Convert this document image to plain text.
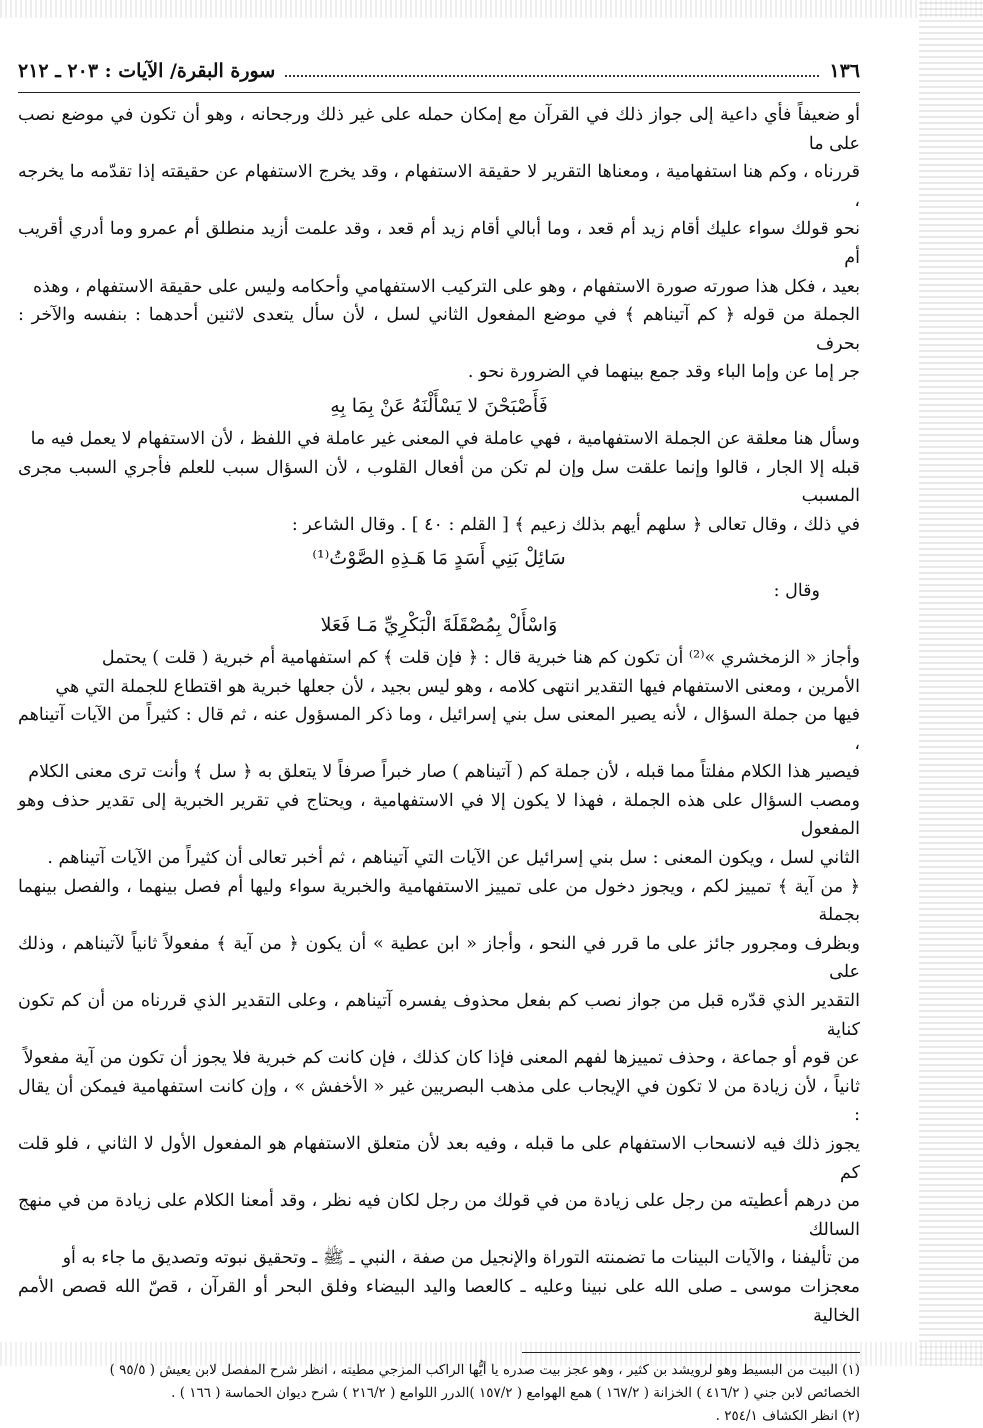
١٣٦
سورة البقرة/ الآيات : ٢٠٣ ـ ٢١٢

أو ضعيفاً فأي داعية إلى جواز ذلك في القرآن مع إمكان حمله على غير ذلك ورجحانه ، وهو أن تكون في موضع نصب على ما

قررناه ، وكم هنا استفهامية ، ومعناها التقرير لا حقيقة الاستفهام ، وقد يخرج الاستفهام عن حقيقته إذا تقدّمه ما يخرجه ،

نحو قولك سواء عليك أقام زيد أم قعد ، وما أبالي أقام زيد أم قعد ، وقد علمت أزيد منطلق أم عمرو وما أدري أقريب أم

بعيد ، فكل هذا صورته صورة الاستفهام ، وهو على التركيب الاستفهامي وأحكامه وليس على حقيقة الاستفهام ، وهذه

الجملة من قوله ﴿ كم آتيناهم ﴾ في موضع المفعول الثاني لسل ، لأن سأل يتعدى لاثنين أحدهما : بنفسه والآخر : بحرف

جر إما عن وإما الباء وقد جمع بينهما في الضرورة نحو .

فَأَصْبَحْنَ لا يَسْأَلْنَهُ عَنْ بِمَا بِهِ

وسأل هنا معلقة عن الجملة الاستفهامية ، فهي عاملة في المعنى غير عاملة في اللفظ ، لأن الاستفهام لا يعمل فيه ما

قبله إلا الجار ، قالوا وإنما علقت سل وإن لم تكن من أفعال القلوب ، لأن السؤال سبب للعلم فأجري السبب مجرى المسبب

في ذلك ، وقال تعالى ﴿ سلهم أيهم بذلك زعيم ﴾ [ القلم : ٤٠ ] . وقال الشاعر :

سَائِلْ بَنِي أَسَدٍ مَا هَـذِهِ الصَّوْتُ⁽¹⁾

وقال :

وَاسْأَلْ بِمُصْقَلَةَ الْبَكْرِيِّ مَـا فَعَلا

وأجاز « الزمخشري »⁽²⁾ أن تكون كم هنا خبرية قال : ﴿ فإن قلت ﴾ كم استفهامية أم خبرية ( قلت ) يحتمل

الأمرين ، ومعنى الاستفهام فيها التقدير انتهى كلامه ، وهو ليس بجيد ، لأن جعلها خبرية هو اقتطاع للجملة التي هي

فيها من جملة السؤال ، لأنه يصير المعنى سل بني إسرائيل ، وما ذكر المسؤول عنه ، ثم قال : كثيراً من الآيات آتيناهم ،

فيصير هذا الكلام مفلتاً مما قبله ، لأن جملة كم ( آتيناهم ) صار خبراً صرفاً لا يتعلق به ﴿ سل ﴾ وأنت ترى معنى الكلام

ومصب السؤال على هذه الجملة ، فهذا لا يكون إلا في الاستفهامية ، ويحتاج في تقرير الخبرية إلى تقدير حذف وهو المفعول

الثاني لسل ، ويكون المعنى : سل بني إسرائيل عن الآيات التي آتيناهم ، ثم أخبر تعالى أن كثيراً من الآيات آتيناهم .

﴿ من آية ﴾ تمييز لكم ، ويجوز دخول من على تمييز الاستفهامية والخبرية سواء وليها أم فصل بينهما ، والفصل بينهما بجملة

وبظرف ومجرور جائز على ما قرر في النحو ، وأجاز « ابن عطية » أن يكون ﴿ من آية ﴾ مفعولاً ثانياً لآتيناهم ، وذلك على

التقدير الذي قدّره قبل من جواز نصب كم بفعل محذوف يفسره آتيناهم ، وعلى التقدير الذي قررناه من أن كم تكون كناية

عن قوم أو جماعة ، وحذف تمييزها لفهم المعنى فإذا كان كذلك ، فإن كانت كم خبرية فلا يجوز أن تكون من آية مفعولاً

ثانياً ، لأن زيادة من لا تكون في الإيجاب على مذهب البصريين غير « الأخفش » ، وإن كانت استفهامية فيمكن أن يقال :

يجوز ذلك فيه لانسحاب الاستفهام على ما قبله ، وفيه بعد لأن متعلق الاستفهام هو المفعول الأول لا الثاني ، فلو قلت كم

من درهم أعطيته من رجل على زيادة من في قولك من رجل لكان فيه نظر ، وقد أمعنا الكلام على زيادة من في منهج السالك

من تأليفنا ، والآيات البينات ما تضمنته التوراة والإنجيل من صفة ، النبي ـ ﷺ ـ وتحقيق نبوته وتصديق ما جاء به أو

معجزات موسى ـ صلى الله على نبينا وعليه ـ كالعصا واليد البيضاء وفلق البحر أو القرآن ، قصّ الله قصص الأمم الخالية

(١) البيت من البسيط وهو لرويشد بن كثير ، وهو عجز بيت صدره يا أيُّها الراكب المزجي مطيته ، انظر شرح المفصل لابن يعيش ( ٩٥/٥ )

الخصائص لابن جني ( ٤١٦/٢ ) الخزانة ( ١٦٧/٢ ) همع الهوامع ( ١٥٧/٢ )الدرر اللوامع ( ٢١٦/٢ ) شرح ديوان الحماسة ( ١٦٦ ) .

(٢) انظر الكشاف ٢٥٤/١ .
